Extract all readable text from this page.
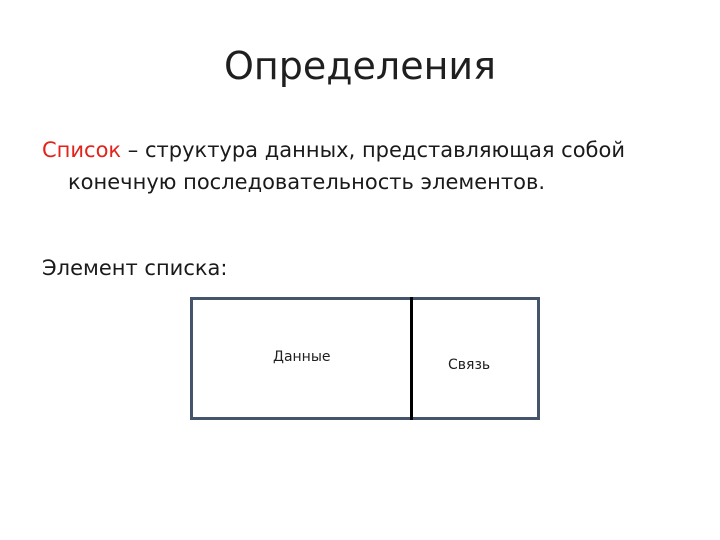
Определения

Список – структура данных, представляющая собой
конечную последовательность элементов.

Элемент списка:

Данные	Связь
